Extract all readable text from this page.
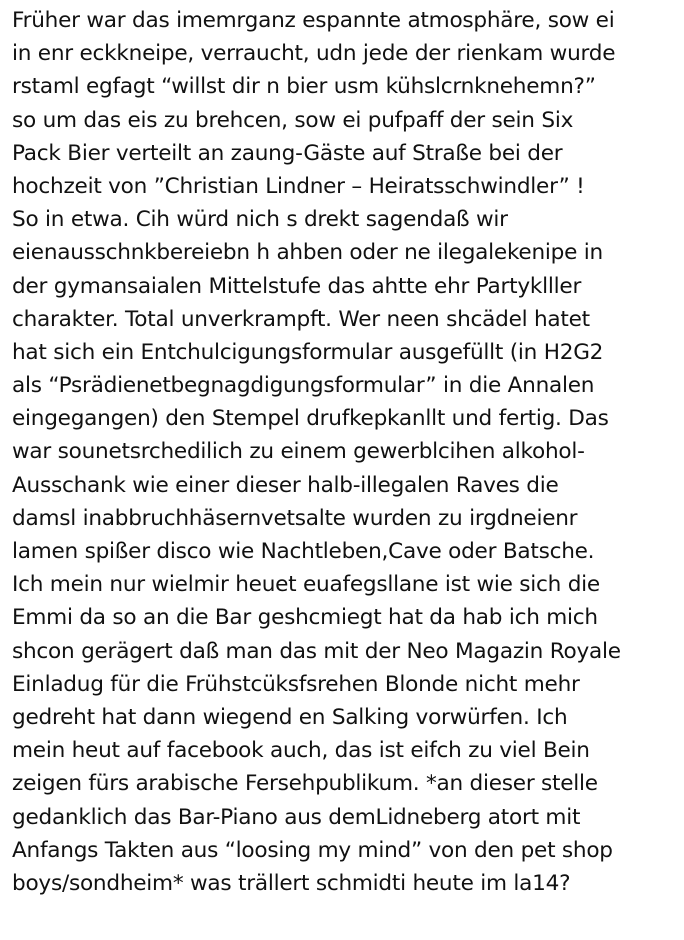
Früher war das imemrganz espannte atmosphäre, sow ei
in enr eckkneipe, verraucht, udn jede der rienkam wurde
rstaml egfagt “willst dir n bier usm kühslcrnknehemn?”
so um das eis zu brehcen, sow ei pufpaff der sein Six
Pack Bier verteilt an zaung-Gäste auf Straße bei der
hochzeit von ”Christian Lindner – Heiratsschwindler” !
So in etwa. Cih würd nich s drekt sagendaß wir
eienausschnkbereiebn h ahben oder ne ilegalekenipe in
der gymansaialen Mittelstufe das ahtte ehr Partyklller
charakter. Total unverkrampft. Wer neen shcädel hatet
hat sich ein Entchulcigungsformular ausgefüllt (in H2G2
als “Psrädienetbegnagdigungsformular” in die Annalen
eingegangen) den Stempel drufkepkanllt und fertig. Das
war sounetsrchedilich zu einem gewerblcihen alkohol-
Ausschank wie einer dieser halb-illegalen Raves die
damsl inabbruchhäsernvetsalte wurden zu irgdneienr
lamen spißer disco wie Nachtleben,Cave oder Batsche.
Ich mein nur wielmir heuet euafegsllane ist wie sich die
Emmi da so an die Bar geshcmiegt hat da hab ich mich
shcon gerägert daß man das mit der Neo Magazin Royale
Einladug für die Frühstcüksfsrehen Blonde nicht mehr
gedreht hat dann wiegend en Salking vorwürfen. Ich
mein heut auf facebook auch, das ist eifch zu viel Bein
zeigen fürs arabische Fersehpublikum. *an dieser stelle
gedanklich das Bar-Piano aus demLidneberg atort mit
Anfangs Takten aus “loosing my mind” von den pet shop
boys/sondheim* was trällert schmidti heute im la14?
